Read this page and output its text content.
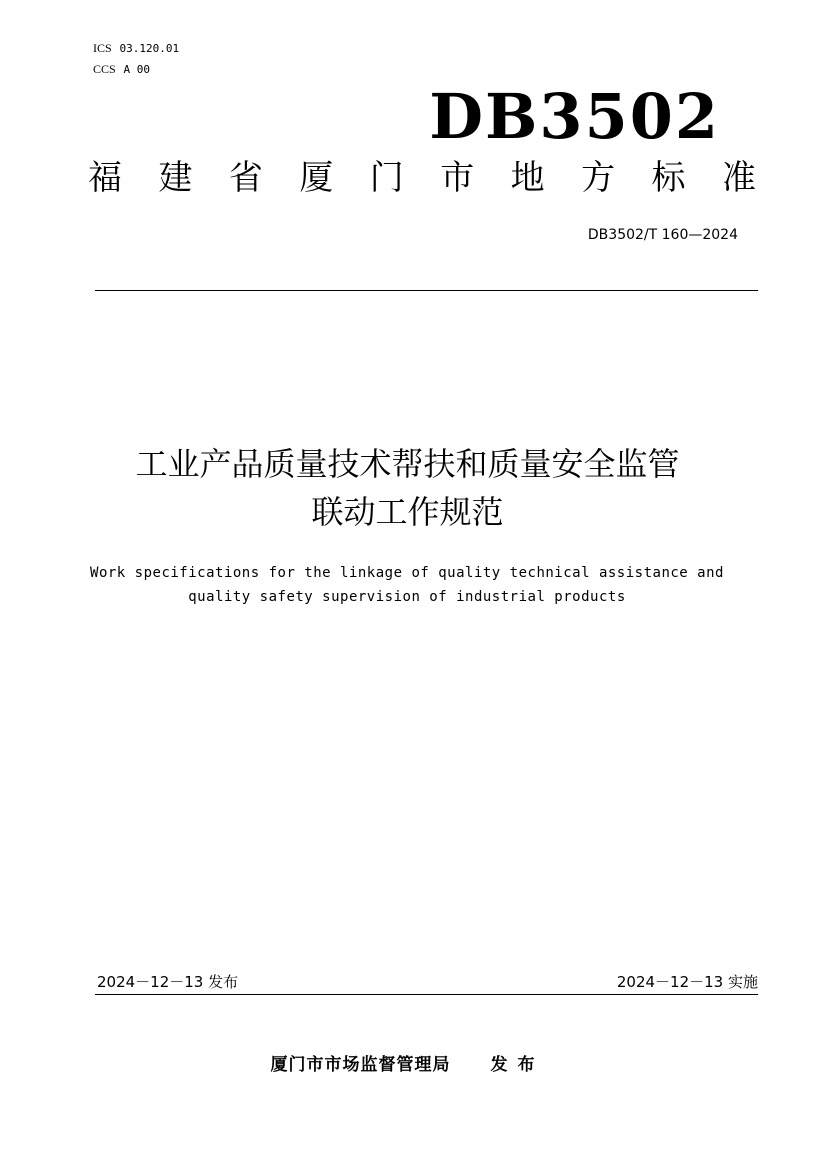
ICS 03.120.01
CCS A 00
DB3502
福 建 省 厦 门 市 地 方 标 准
DB3502/T 160—2024
工业产品质量技术帮扶和质量安全监管
联动工作规范
Work specifications for the linkage of quality technical assistance and
quality safety supervision of industrial products
2024－12－13 发布	2024－12－13 实施
厦门市市场监督管理局 发布
